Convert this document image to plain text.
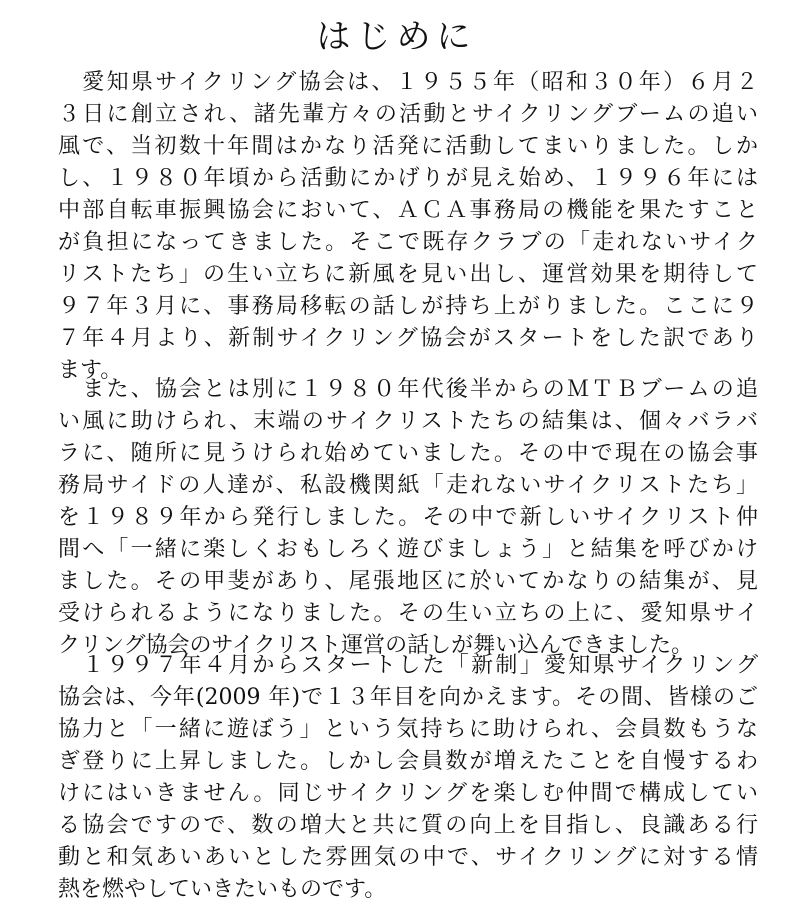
はじめに
　愛知県サイクリング協会は、１９５５年（昭和３０年）６月２
３日に創立され、諸先輩方々の活動とサイクリングブームの追い
風で、当初数十年間はかなり活発に活動してまいりました。しか
し、１９８０年頃から活動にかげりが見え始め、１９９６年には
中部自転車振興協会において、ＡＣＡ事務局の機能を果たすこと
が負担になってきました。そこで既存クラブの「走れないサイク
リストたち」の生い立ちに新風を見い出し、運営効果を期待して
９７年３月に、事務局移転の話しが持ち上がりました。ここに９
７年４月より、新制サイクリング協会がスタートをした訳であり
ます。
　また、協会とは別に１９８０年代後半からのＭＴＢブームの追
い風に助けられ、末端のサイクリストたちの結集は、個々バラバ
ラに、随所に見うけられ始めていました。その中で現在の協会事
務局サイドの人達が、私設機関紙「走れないサイクリストたち」
を１９８９年から発行しました。その中で新しいサイクリスト仲
間へ「一緒に楽しくおもしろく遊びましょう」と結集を呼びかけ
ました。その甲斐があり、尾張地区に於いてかなりの結集が、見
受けられるようになりました。その生い立ちの上に、愛知県サイ
クリング協会のサイクリスト運営の話しが舞い込んできました。
　１９９７年４月からスタートした「新制」愛知県サイクリング
協会は、今年(2009 年)で１３年目を向かえます。その間、皆様のご
協力と「一緒に遊ぼう」という気持ちに助けられ、会員数もうな
ぎ登りに上昇しました。しかし会員数が増えたことを自慢するわ
けにはいきません。同じサイクリングを楽しむ仲間で構成してい
る協会ですので、数の増大と共に質の向上を目指し、良識ある行
動と和気あいあいとした雰囲気の中で、サイクリングに対する情
熱を燃やしていきたいものです。
